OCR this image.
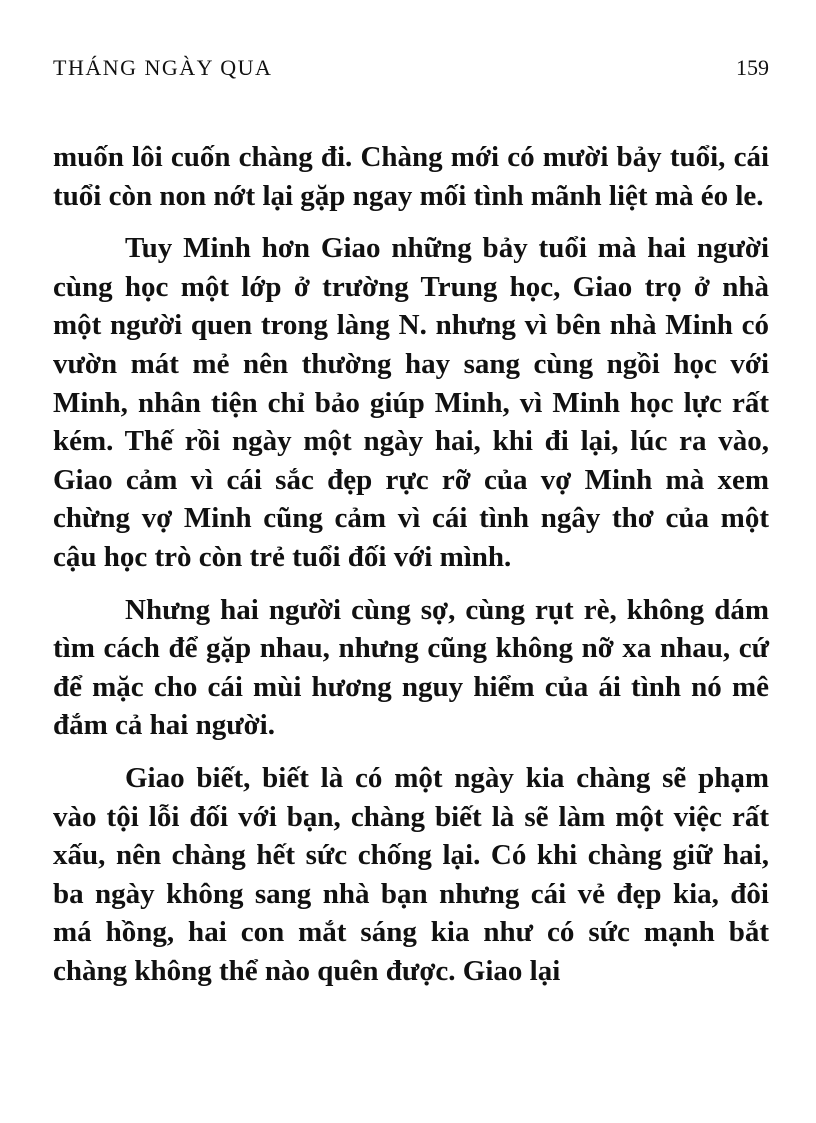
THÁNG NGÀY QUA	159

muốn lôi cuốn chàng đi. Chàng mới có mười bảy tuổi, cái tuổi còn non nớt lại gặp ngay mối tình mãnh liệt mà éo le.

Tuy Minh hơn Giao những bảy tuổi mà hai người cùng học một lớp ở trường Trung học, Giao trọ ở nhà một người quen trong làng N. nhưng vì bên nhà Minh có vườn mát mẻ nên thường hay sang cùng ngồi học với Minh, nhân tiện chỉ bảo giúp Minh, vì Minh học lực rất kém. Thế rồi ngày một ngày hai, khi đi lại, lúc ra vào, Giao cảm vì cái sắc đẹp rực rỡ của vợ Minh mà xem chừng vợ Minh cũng cảm vì cái tình ngây thơ của một cậu học trò còn trẻ tuổi đối với mình.

Nhưng hai người cùng sợ, cùng rụt rè, không dám tìm cách để gặp nhau, nhưng cũng không nỡ xa nhau, cứ để mặc cho cái mùi hương nguy hiểm của ái tình nó mê đắm cả hai người.

Giao biết, biết là có một ngày kia chàng sẽ phạm vào tội lỗi đối với bạn, chàng biết là sẽ làm một việc rất xấu, nên chàng hết sức chống lại. Có khi chàng giữ hai, ba ngày không sang nhà bạn nhưng cái vẻ đẹp kia, đôi má hồng, hai con mắt sáng kia như có sức mạnh bắt chàng không thể nào quên được. Giao lại
